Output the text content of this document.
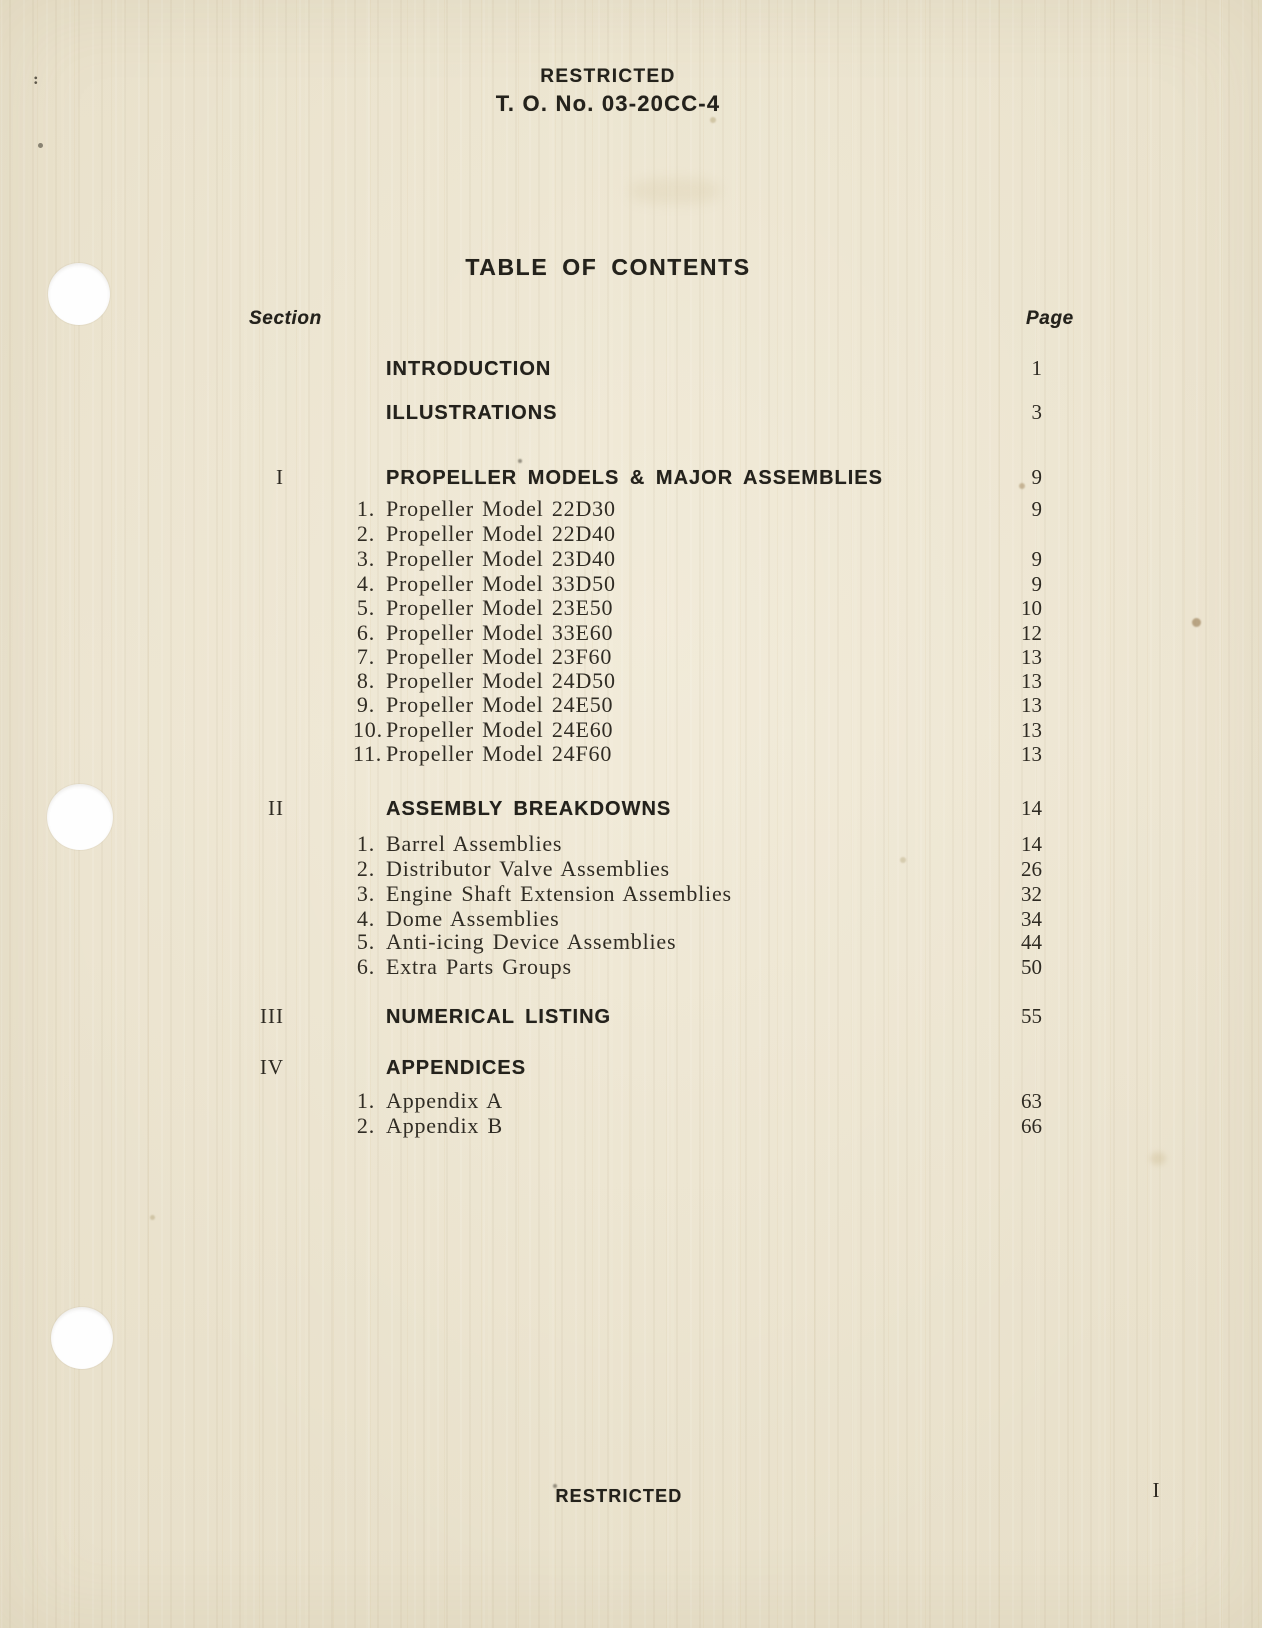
:	RESTRICTED
T. O. No. 03-20CC-4
TABLE OF CONTENTS
Section	Page
INTRODUCTION	1
ILLUSTRATIONS	3
I	PROPELLER MODELS & MAJOR ASSEMBLIES	9
1. Propeller Model 22D30	9
2. Propeller Model 22D40
3. Propeller Model 23D40	9
4. Propeller Model 33D50	9
5. Propeller Model 23E50	10
6. Propeller Model 33E60	12
7. Propeller Model 23F60	13
8. Propeller Model 24D50	13
9. Propeller Model 24E50	13
10. Propeller Model 24E60	13
11. Propeller Model 24F60	13
II	ASSEMBLY BREAKDOWNS	14
1. Barrel Assemblies	14
2. Distributor Valve Assemblies	26
3. Engine Shaft Extension Assemblies	32
4. Dome Assemblies	34
5. Anti-icing Device Assemblies	44
6. Extra Parts Groups	50
III	NUMERICAL LISTING	55
IV	APPENDICES
1. Appendix A	63
2. Appendix B	66
RESTRICTED	I
